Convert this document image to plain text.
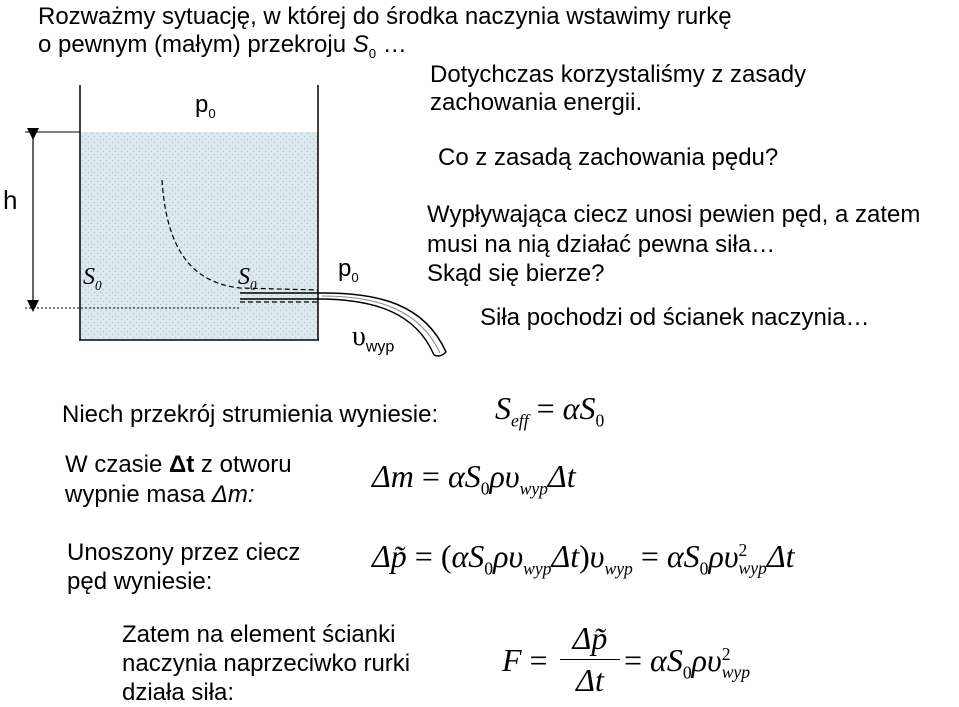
Rozważmy sytuację, w której do środka naczynia wstawimy rurkę
o pewnym (małym) przekroju $S_0$ …
Dotychczas korzystaliśmy z zasady
zachowania energii.
Co z zasadą zachowania pędu?
Wypływająca ciecz unosi pewien pęd, a zatem
musi na nią działać pewna siła…
Skąd się bierze?
Siła pochodzi od ścianek naczynia…
$p_0$
h
$S_0$	$S_0$
$p_0$
$\upsilon_{wyp}$
Niech przekrój strumienia wyniesie:
W czasie Δt z otworu
wypnie masa Δm:
Unoszony przez ciecz
pęd wyniesie:
Zatem na element ścianki
naczynia naprzeciwko rurki
działa siła:
$S_{eff} = \alpha S_0$
$\Delta m = \alpha S_0\rho\upsilon_{wyp}\Delta t$
Δp̃ = $(\alpha S_0\rho\upsilon_{wyp}\Delta t)\upsilon_{wyp} = \alpha S_0\rho\upsilon$ 2
wyp Δt
F =
Δp̃
Δt
= $\alpha S_0\rho\upsilon$ 2
wyp
